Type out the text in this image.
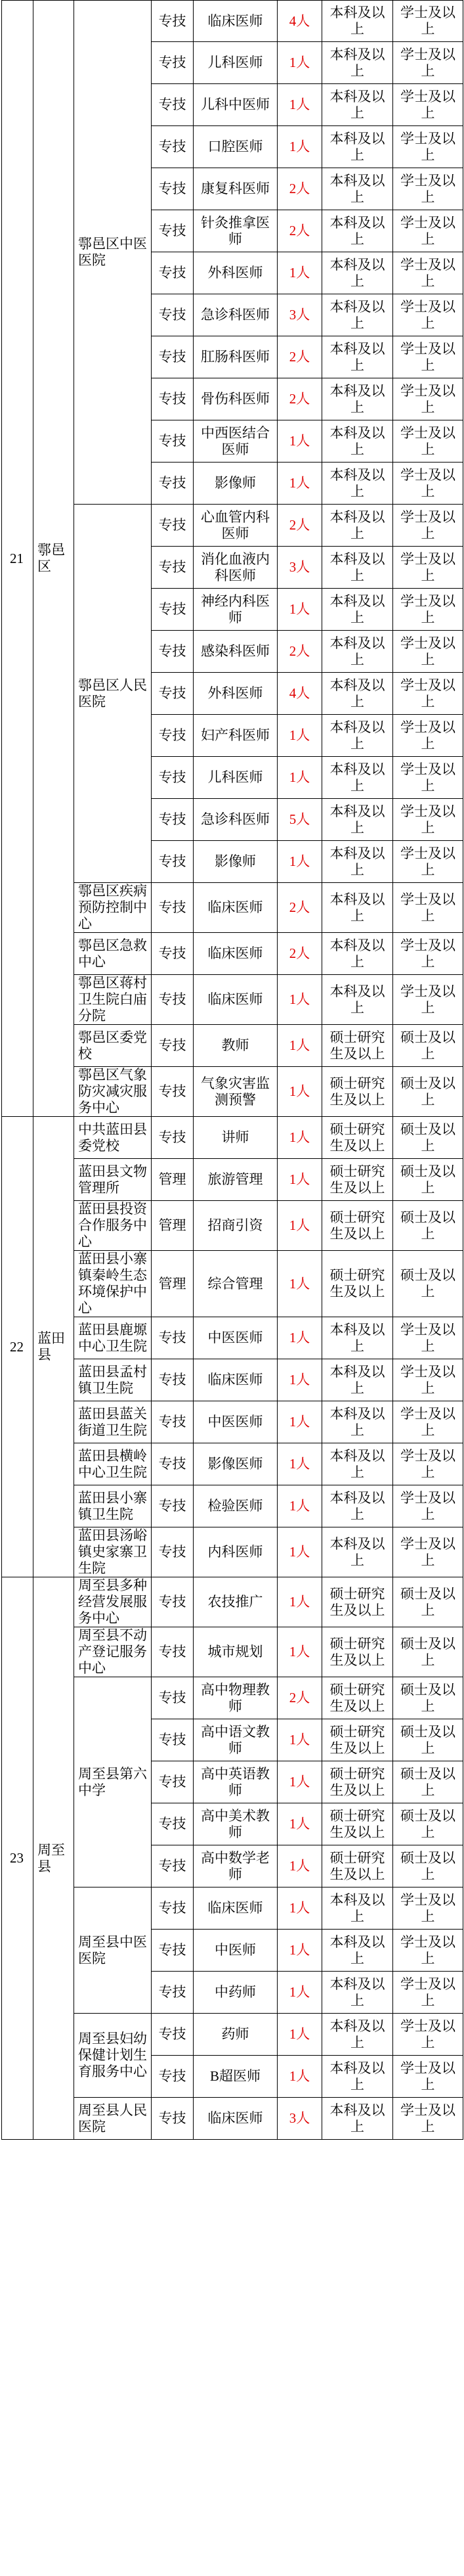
21	鄠邑区	鄠邑区中医医院	专技	临床医师	4人	本科及以上	学士及以上
			专技	儿科医师	1人	本科及以上	学士及以上
			专技	儿科中医师	1人	本科及以上	学士及以上
			专技	口腔医师	1人	本科及以上	学士及以上
			专技	康复科医师	2人	本科及以上	学士及以上
			专技	针灸推拿医师	2人	本科及以上	学士及以上
			专技	外科医师	1人	本科及以上	学士及以上
			专技	急诊科医师	3人	本科及以上	学士及以上
			专技	肛肠科医师	2人	本科及以上	学士及以上
			专技	骨伤科医师	2人	本科及以上	学士及以上
			专技	中西医结合医师	1人	本科及以上	学士及以上
			专技	影像师	1人	本科及以上	学士及以上
		鄠邑区人民医院	专技	心血管内科医师	2人	本科及以上	学士及以上
			专技	消化血液内科医师	3人	本科及以上	学士及以上
			专技	神经内科医师	1人	本科及以上	学士及以上
			专技	感染科医师	2人	本科及以上	学士及以上
			专技	外科医师	4人	本科及以上	学士及以上
			专技	妇产科医师	1人	本科及以上	学士及以上
			专技	儿科医师	1人	本科及以上	学士及以上
			专技	急诊科医师	5人	本科及以上	学士及以上
			专技	影像师	1人	本科及以上	学士及以上
		鄠邑区疾病预防控制中心	专技	临床医师	2人	本科及以上	学士及以上
		鄠邑区急救中心	专技	临床医师	2人	本科及以上	学士及以上
		鄠邑区蒋村卫生院白庙分院	专技	临床医师	1人	本科及以上	学士及以上
		鄠邑区委党校	专技	教师	1人	硕士研究生及以上	硕士及以上
		鄠邑区气象防灾减灾服务中心	专技	气象灾害监测预警	1人	硕士研究生及以上	硕士及以上
22	蓝田县	中共蓝田县委党校	专技	讲师	1人	硕士研究生及以上	硕士及以上
		蓝田县文物管理所	管理	旅游管理	1人	硕士研究生及以上	硕士及以上
		蓝田县投资合作服务中心	管理	招商引资	1人	硕士研究生及以上	硕士及以上
		蓝田县小寨镇秦岭生态环境保护中心	管理	综合管理	1人	硕士研究生及以上	硕士及以上
		蓝田县鹿塬中心卫生院	专技	中医医师	1人	本科及以上	学士及以上
		蓝田县孟村镇卫生院	专技	临床医师	1人	本科及以上	学士及以上
		蓝田县蓝关街道卫生院	专技	中医医师	1人	本科及以上	学士及以上
		蓝田县横岭中心卫生院	专技	影像医师	1人	本科及以上	学士及以上
		蓝田县小寨镇卫生院	专技	检验医师	1人	本科及以上	学士及以上
		蓝田县汤峪镇史家寨卫生院	专技	内科医师	1人	本科及以上	学士及以上
23	周至县	周至县多种经营发展服务中心	专技	农技推广	1人	硕士研究生及以上	硕士及以上
		周至县不动产登记服务中心	专技	城市规划	1人	硕士研究生及以上	硕士及以上
		周至县第六中学	专技	高中物理教师	2人	硕士研究生及以上	硕士及以上
			专技	高中语文教师	1人	硕士研究生及以上	硕士及以上
			专技	高中英语教师	1人	硕士研究生及以上	硕士及以上
			专技	高中美术教师	1人	硕士研究生及以上	硕士及以上
			专技	高中数学老师	1人	硕士研究生及以上	硕士及以上
		周至县中医医院	专技	临床医师	1人	本科及以上	学士及以上
			专技	中医师	1人	本科及以上	学士及以上
			专技	中药师	1人	本科及以上	学士及以上
		周至县妇幼保健计划生育服务中心	专技	药师	1人	本科及以上	学士及以上
			专技	B超医师	1人	本科及以上	学士及以上
		周至县人民医院	专技	临床医师	3人	本科及以上	学士及以上
